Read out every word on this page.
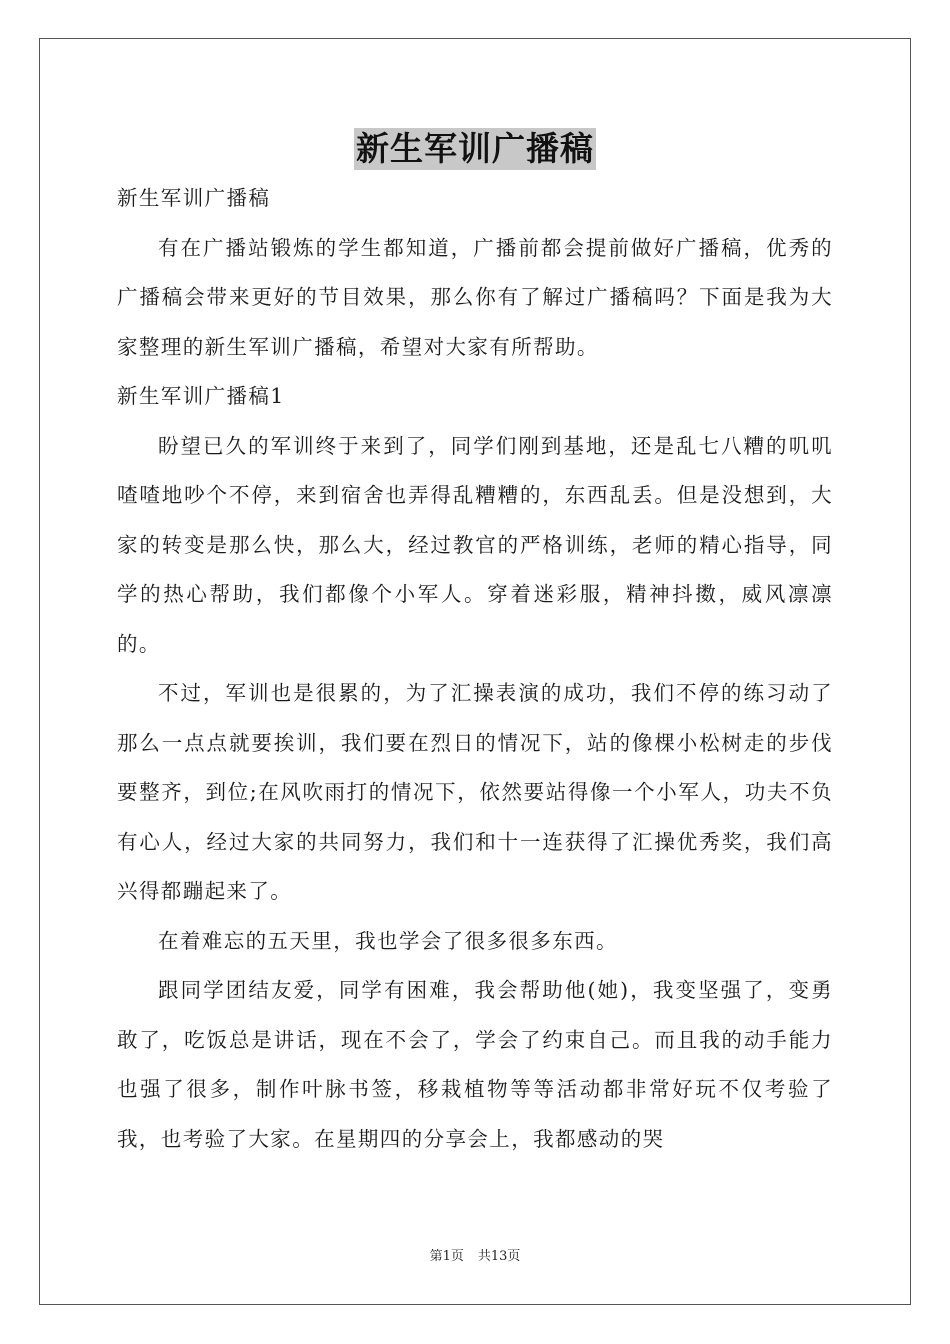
新生军训广播稿

新生军训广播稿

有在广播站锻炼的学生都知道，广播前都会提前做好广播稿，优秀的广播稿会带来更好的节目效果，那么你有了解过广播稿吗？下面是我为大家整理的新生军训广播稿，希望对大家有所帮助。

新生军训广播稿1

盼望已久的军训终于来到了，同学们刚到基地，还是乱七八糟的叽叽喳喳地吵个不停，来到宿舍也弄得乱糟糟的，东西乱丢。但是没想到，大家的转变是那么快，那么大，经过教官的严格训练，老师的精心指导，同学的热心帮助，我们都像个小军人。穿着迷彩服，精神抖擞，威风凛凛的。

不过，军训也是很累的，为了汇操表演的成功，我们不停的练习动了那么一点点就要挨训，我们要在烈日的情况下，站的像棵小松树走的步伐要整齐，到位;在风吹雨打的情况下，依然要站得像一个小军人，功夫不负有心人，经过大家的共同努力，我们和十一连获得了汇操优秀奖，我们高兴得都蹦起来了。

在着难忘的五天里，我也学会了很多很多东西。

跟同学团结友爱，同学有困难，我会帮助他(她)，我变坚强了，变勇敢了，吃饭总是讲话，现在不会了，学会了约束自己。而且我的动手能力也强了很多，制作叶脉书签，移栽植物等等活动都非常好玩不仅考验了我，也考验了大家。在星期四的分享会上，我都感动的哭

第1页 共13页
